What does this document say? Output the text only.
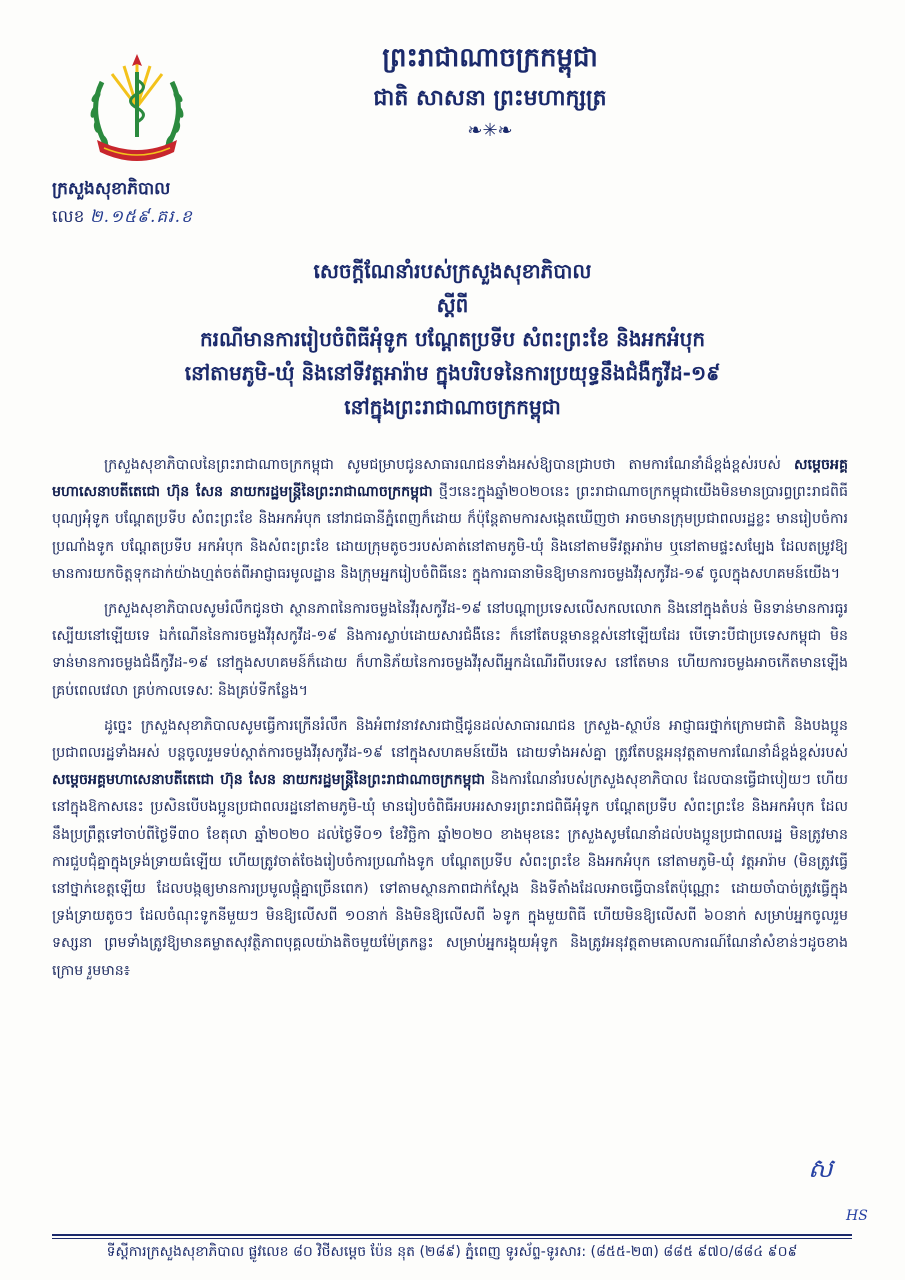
ក្រសួងសុខាភិបាល
លេខ ២.១៥៩.គរ.ខ
ព្រះរាជាណាចក្រកម្ពុជា
ជាតិ សាសនា ព្រះមហាក្សត្រ
❧✳❧
សេចក្តីណែនាំរបស់ក្រសួងសុខាភិបាល
ស្តីពី
ករណីមានការរៀបចំពិធីអុំទូក បណ្តែតប្រទីប សំពះព្រះខែ និងអកអំបុក
នៅតាមភូមិ-ឃុំ និងនៅទីវត្តអារ៉ាម ក្នុងបរិបទនៃការប្រយុទ្ធនឹងជំងឺកូវីដ-១៩
នៅក្នុងព្រះរាជាណាចក្រកម្ពុជា

ក្រសួងសុខាភិបាលនៃព្រះរាជាណាចក្រកម្ពុជា សូមជម្រាបជូនសាធារណជនទាំងអស់ឱ្យបានជ្រាបថា តាមការណែនាំដ៏ខ្ពង់ខ្ពស់របស់ សម្តេចអគ្គមហាសេនាបតីតេជោ ហ៊ុន សែន នាយករដ្ឋមន្ត្រីនៃព្រះរាជាណាចក្រកម្ពុជា ថ្មីៗនេះក្នុងឆ្នាំ២០២០នេះ ព្រះរាជាណាចក្រកម្ពុជាយើងមិនមានប្រារព្ធព្រះរាជពិធីបុណ្យអុំទូក បណ្តែតប្រទីប សំពះព្រះខែ និងអកអំបុក នៅរាជធានីភ្នំពេញក៏ដោយ ក៏ប៉ុន្តែតាមការសង្កេតឃើញថា អាចមានក្រុមប្រជាពលរដ្ឋខ្លះ មានរៀបចំការប្រណាំងទូក បណ្តែតប្រទីប អកអំបុក និងសំពះព្រះខែ ដោយក្រុមតូចៗរបស់គាត់នៅតាមភូមិ-ឃុំ និងនៅតាមទីវត្តអារ៉ាម ឬនៅតាមផ្ទះសម្បែង ដែលតម្រូវឱ្យមានការយកចិត្តទុកដាក់យ៉ាងហ្មត់ចត់ពីអាជ្ញាធរមូលដ្ឋាន និងក្រុមអ្នករៀបចំពិធីនេះ ក្នុងការធានាមិនឱ្យមានការចម្លងវីរុសកូវីដ-១៩ ចូលក្នុងសហគមន៍យើង។

ក្រសួងសុខាភិបាលសូមរំលឹកជូនថា ស្ថានភាពនៃការចម្លងនៃវីរុសកូវីដ-១៩ នៅបណ្តាប្រទេសលើសកលលោក និងនៅក្នុងតំបន់ មិនទាន់មានការធូរស្បើយនៅឡើយទេ ឯកំណើននៃការចម្លងវីរុសកូវីដ-១៩ និងការស្លាប់ដោយសារជំងឺនេះ ក៏នៅតែបន្តមានខ្ពស់នៅឡើយដែរ បើទោះបីជាប្រទេសកម្ពុជា មិនទាន់មានការចម្លងជំងឺកូវីដ-១៩ នៅក្នុងសហគមន៍ក៏ដោយ ក៏ហានិភ័យនៃការចម្លងវីរុសពីអ្នកដំណើរពីបរទេស នៅតែមាន ហើយការចម្លងអាចកើតមានឡើងគ្រប់ពេលវេលា គ្រប់កាលទេសៈ និងគ្រប់ទីកន្លែង។

ដូច្នេះ ក្រសួងសុខាភិបាលសូមធ្វើការក្រើនរំលឹក និងអំពាវនាវសារជាថ្មីជូនដល់សាធារណជន ក្រសួង-ស្ថាប័ន អាជ្ញាធរថ្នាក់ក្រោមជាតិ និងបងប្អូនប្រជាពលរដ្ឋទាំងអស់ បន្តចូលរួមទប់ស្កាត់ការចម្លងវីរុសកូវីដ-១៩ នៅក្នុងសហគមន៍យើង ដោយទាំងអស់គ្នា ត្រូវតែបន្តអនុវត្តតាមការណែនាំដ៏ខ្ពង់ខ្ពស់របស់ សម្តេចអគ្គមហាសេនាបតីតេជោ ហ៊ុន សែន នាយករដ្ឋមន្ត្រីនៃព្រះរាជាណាចក្រកម្ពុជា និងការណែនាំរបស់ក្រសួងសុខាភិបាល ដែលបានធ្វើជាបៀយៗ ហើយនៅក្នុងឱកាសនេះ ប្រសិនបើបងប្អូនប្រជាពលរដ្ឋនៅតាមភូមិ-ឃុំ មានរៀបចំពិធីអបអរសាទរព្រះរាជពិធីអុំទូក បណ្តែតប្រទីប សំពះព្រះខែ និងអកអំបុក ដែលនឹងប្រព្រឹត្តទៅចាប់ពីថ្ងៃទី៣០ ខែតុលា ឆ្នាំ២០២០ ដល់ថ្ងៃទី០១ ខែវិច្ឆិកា ឆ្នាំ២០២០ ខាងមុខនេះ ក្រសួងសូមណែនាំដល់បងប្អូនប្រជាពលរដ្ឋ មិនត្រូវមានការជួបជុំគ្នាក្នុងទ្រង់ទ្រាយធំឡើយ ហើយត្រូវចាត់ចែងរៀបចំការប្រណាំងទូក បណ្តែតប្រទីប សំពះព្រះខែ និងអកអំបុក នៅតាមភូមិ-ឃុំ វត្តអារ៉ាម (មិនត្រូវធ្វើនៅថ្នាក់ខេត្តឡើយ ដែលបង្កឲ្យមានការប្រមូលផ្តុំគ្នាច្រើនពេក) ទៅតាមស្ថានភាពជាក់ស្តែង និងទីតាំងដែលអាចធ្វើបានតែប៉ុណ្ណោះ ដោយចាំបាច់ត្រូវធ្វើក្នុងទ្រង់ទ្រាយតូចៗ ដែលចំណុះទូកនីមួយៗ មិនឱ្យលើសពី ១០នាក់ និងមិនឱ្យលើសពី ៦ទូក ក្នុងមួយពិធី ហើយមិនឱ្យលើសពី ៦០នាក់ សម្រាប់អ្នកចូលរួមទស្សនា ព្រមទាំងត្រូវឱ្យមានគម្លាតសុវត្ថិភាពបុគ្គលយ៉ាងតិចមួយម៉ែត្រកន្លះ សម្រាប់អ្នករង្គុយអុំទូក និងត្រូវអនុវត្តតាមគោលការណ៍ណែនាំសំខាន់ៗដូចខាងក្រោម រួមមាន៖

ស
HS
ទីស្តីការក្រសួងសុខាភិបាល ផ្លូវលេខ ៨០ វិថីសម្តេច ប៉ែន នុត (២៨៩) ភ្នំពេញ ទូរស័ព្ទ-ទូរសារ: (៨៥៥-២៣) ៨៨៥ ៩៧០/៨៨៤ ៩០៩
